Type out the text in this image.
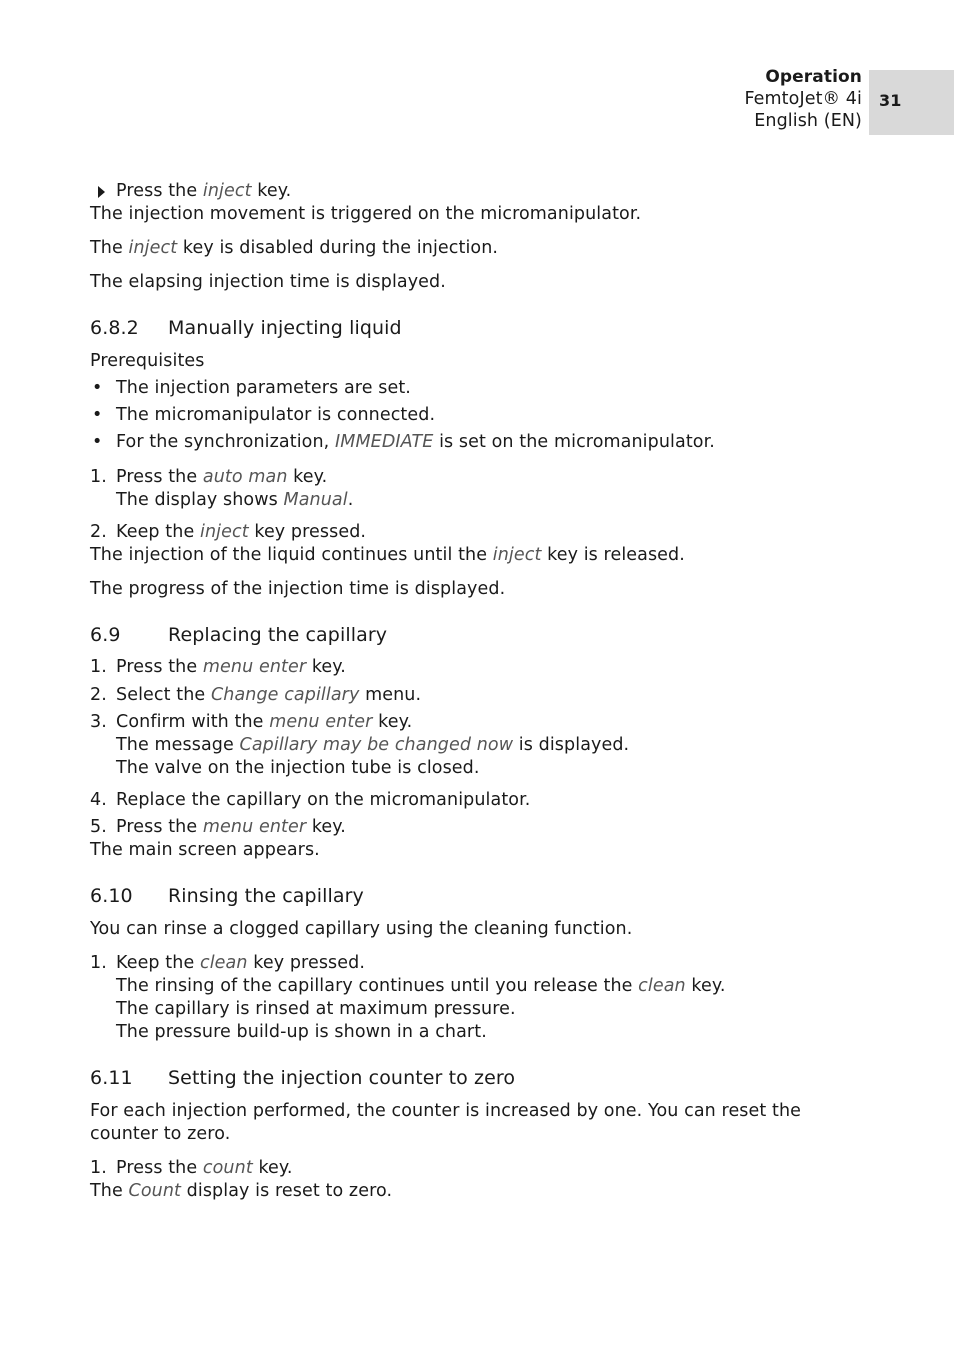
Operation
FemtoJet® 4i
English (EN)
31
Press the inject key.

The injection movement is triggered on the micromanipulator.

The inject key is disabled during the injection.

The elapsing injection time is displayed.

6.8.2 Manually injecting liquid

Prerequisites

• The injection parameters are set.
• The micromanipulator is connected.
• For the synchronization, IMMEDIATE is set on the micromanipulator.
1. Press the auto man key.
The display shows Manual.
2. Keep the inject key pressed.

The injection of the liquid continues until the inject key is released.

The progress of the injection time is displayed.

6.9 Replacing the capillary
1. Press the menu enter key.
2. Select the Change capillary menu.
3. Confirm with the menu enter key.
The message Capillary may be changed now is displayed.
The valve on the injection tube is closed.
4. Replace the capillary on the micromanipulator.
5. Press the menu enter key.

The main screen appears.

6.10 Rinsing the capillary

You can rinse a clogged capillary using the cleaning function.

1. Keep the clean key pressed.
The rinsing of the capillary continues until you release the clean key.
The capillary is rinsed at maximum pressure.
The pressure build-up is shown in a chart.
6.11 Setting the injection counter to zero

For each injection performed, the counter is increased by one. You can reset the counter to zero.

1. Press the count key.

The Count display is reset to zero.
